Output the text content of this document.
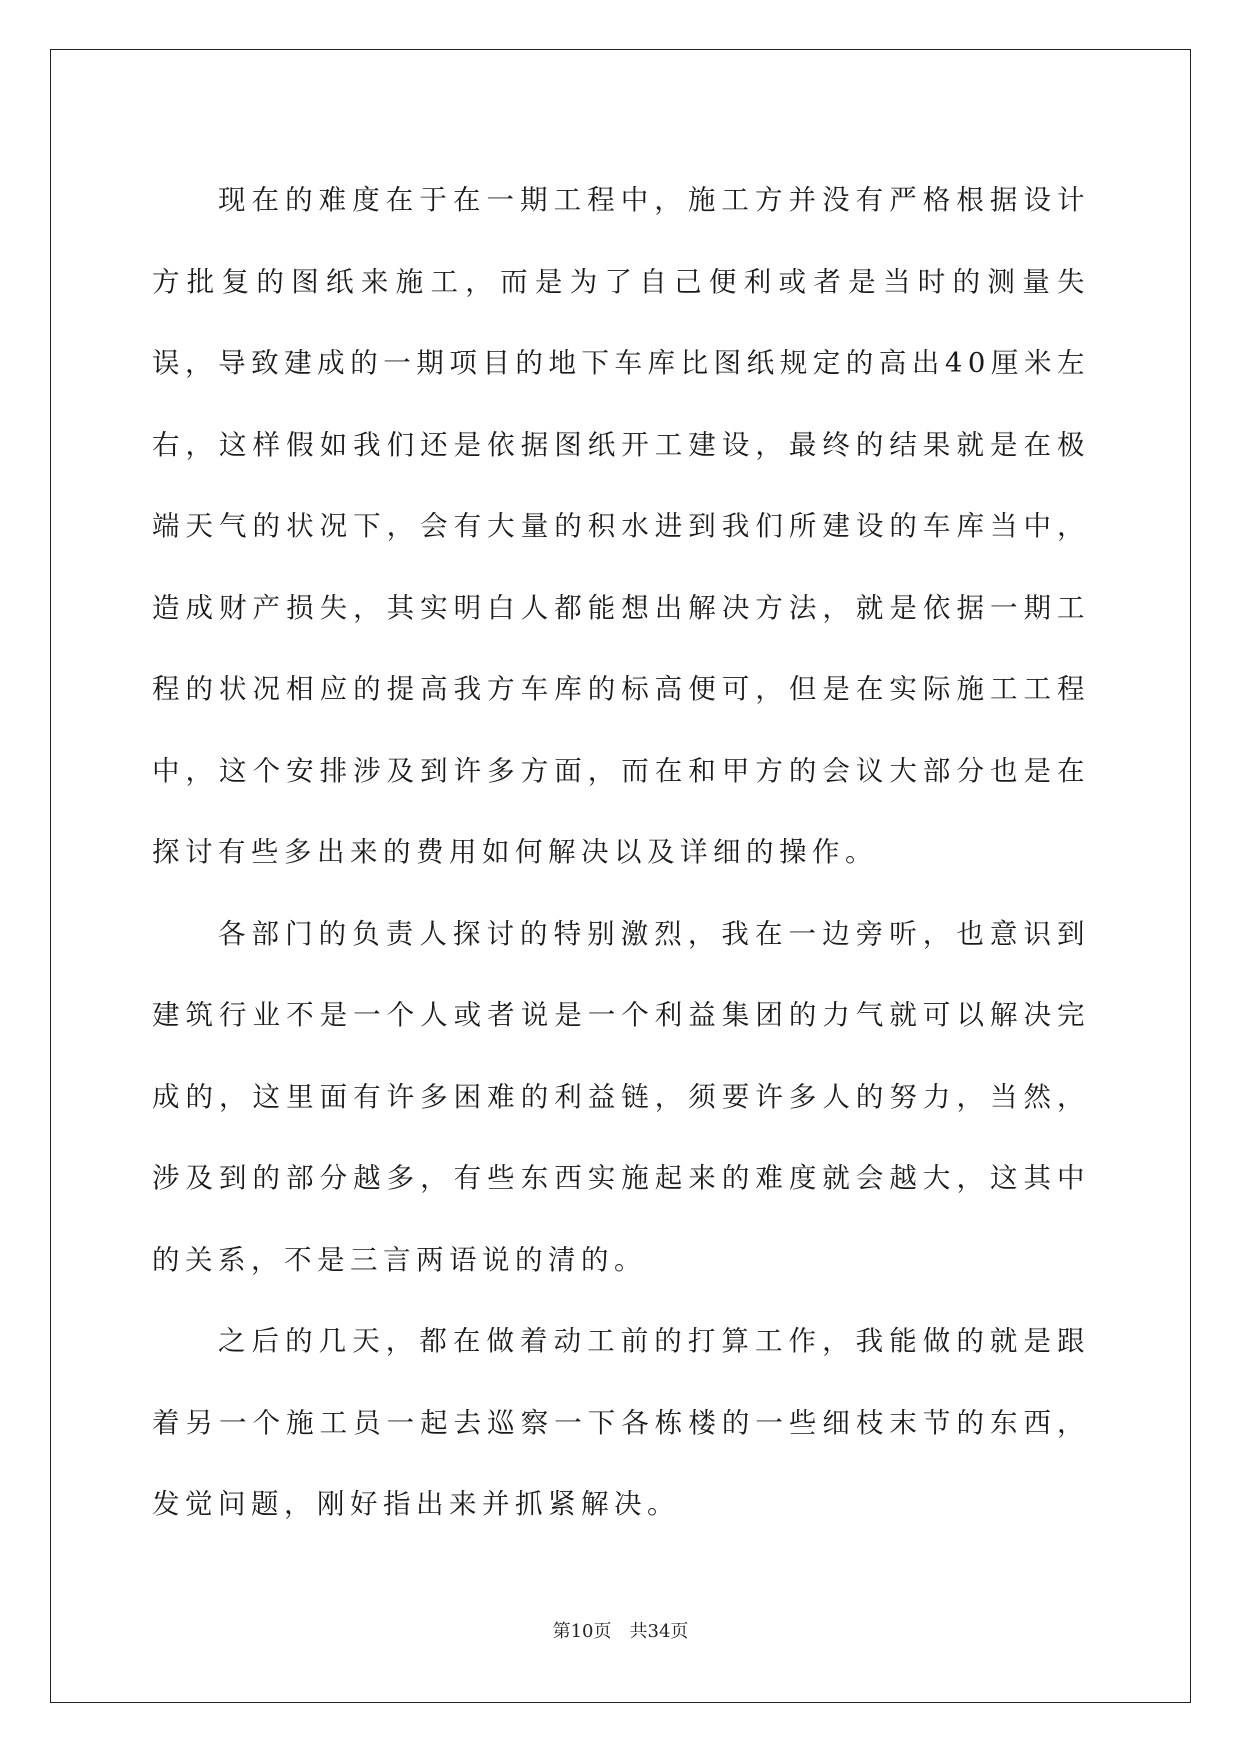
现在的难度在于在一期工程中，施工方并没有严格根据设计方批复的图纸来施工，而是为了自己便利或者是当时的测量失误，导致建成的一期项目的地下车库比图纸规定的高出40厘米左右，这样假如我们还是依据图纸开工建设，最终的结果就是在极端天气的状况下，会有大量的积水进到我们所建设的车库当中，造成财产损失，其实明白人都能想出解决方法，就是依据一期工程的状况相应的提高我方车库的标高便可，但是在实际施工工程中，这个安排涉及到许多方面，而在和甲方的会议大部分也是在探讨有些多出来的费用如何解决以及详细的操作。

各部门的负责人探讨的特别激烈，我在一边旁听，也意识到建筑行业不是一个人或者说是一个利益集团的力气就可以解决完成的，这里面有许多困难的利益链，须要许多人的努力，当然，涉及到的部分越多，有些东西实施起来的难度就会越大，这其中的关系，不是三言两语说的清的。

之后的几天，都在做着动工前的打算工作，我能做的就是跟着另一个施工员一起去巡察一下各栋楼的一些细枝末节的东西，发觉问题，刚好指出来并抓紧解决。

第10页　共34页
